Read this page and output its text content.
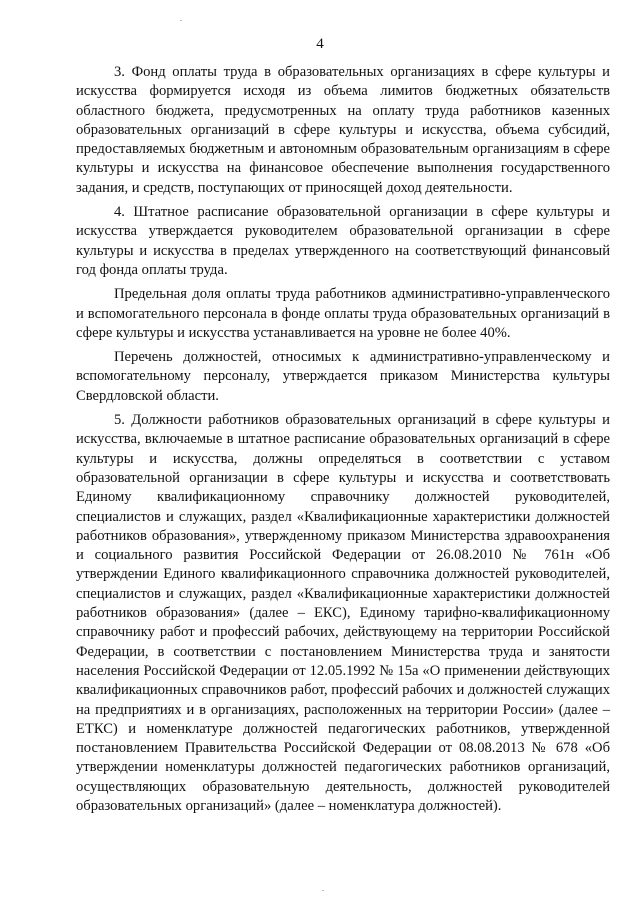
4

3. Фонд оплаты труда в образовательных организациях в сфере культуры и искусства формируется исходя из объема лимитов бюджетных обязательств областного бюджета, предусмотренных на оплату труда работников казенных образовательных организаций в сфере культуры и искусства, объема субсидий, предоставляемых бюджетным и автономным образовательным организациям в сфере культуры и искусства на финансовое обеспечение выполнения государственного задания, и средств, поступающих от приносящей доход деятельности.

4. Штатное расписание образовательной организации в сфере культуры и искусства утверждается руководителем образовательной организации в сфере культуры и искусства в пределах утвержденного на соответствующий финансовый год фонда оплаты труда.

Предельная доля оплаты труда работников административно-управленческого и вспомогательного персонала в фонде оплаты труда образовательных организаций в сфере культуры и искусства устанавливается на уровне не более 40%.

Перечень должностей, относимых к административно-управленческому и вспомогательному персоналу, утверждается приказом Министерства культуры Свердловской области.

5. Должности работников образовательных организаций в сфере культуры и искусства, включаемые в штатное расписание образовательных организаций в сфере культуры и искусства, должны определяться в соответствии с уставом образовательной организации в сфере культуры и искусства и соответствовать Единому квалификационному справочнику должностей руководителей, специалистов и служащих, раздел «Квалификационные характеристики должностей работников образования», утвержденному приказом Министерства здравоохранения и социального развития Российской Федерации от 26.08.2010 № 761н «Об утверждении Единого квалификационного справочника должностей руководителей, специалистов и служащих, раздел «Квалификационные характеристики должностей работников образования» (далее – ЕКС), Единому тарифно-квалификационному справочнику работ и профессий рабочих, действующему на территории Российской Федерации, в соответствии с постановлением Министерства труда и занятости населения Российской Федерации от 12.05.1992 № 15а «О применении действующих квалификационных справочников работ, профессий рабочих и должностей служащих на предприятиях и в организациях, расположенных на территории России» (далее – ЕТКС) и номенклатуре должностей педагогических работников, утвержденной постановлением Правительства Российской Федерации от 08.08.2013 № 678 «Об утверждении номенклатуры должностей педагогических работников организаций, осуществляющих образовательную деятельность, должностей руководителей образовательных организаций» (далее – номенклатура должностей).
